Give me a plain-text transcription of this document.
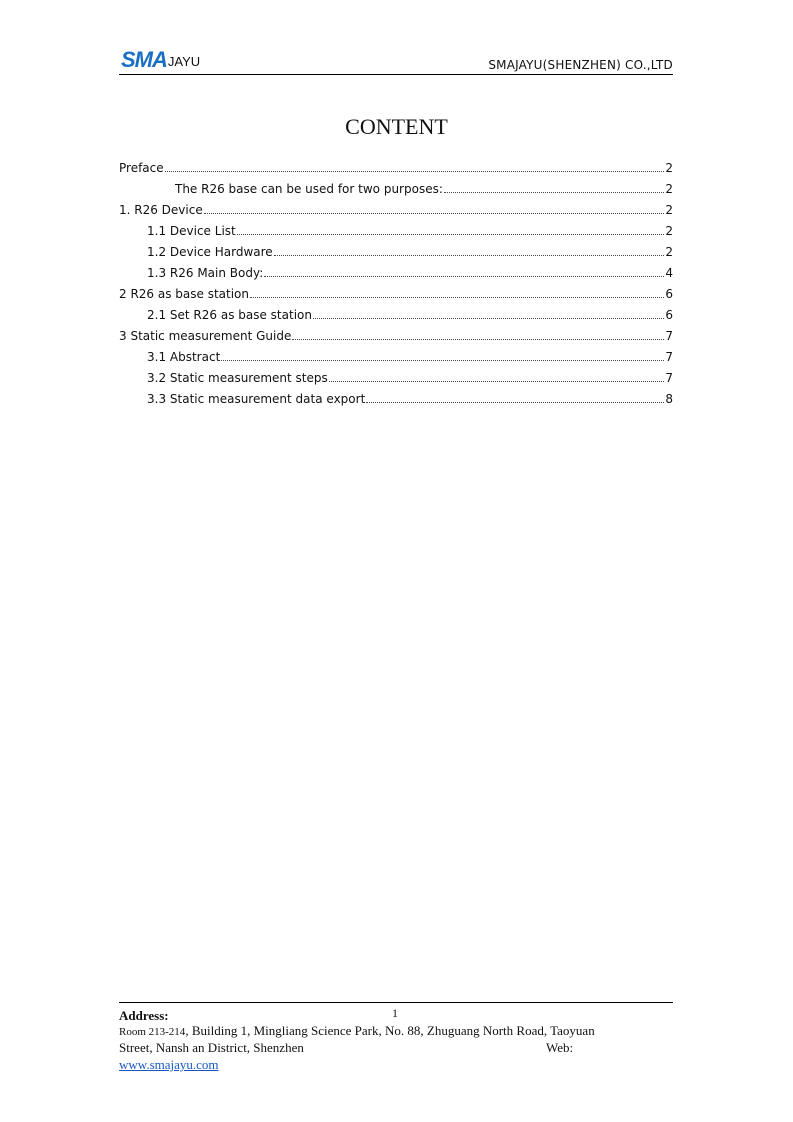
SMA JAYU	SMAJAYU(SHENZHEN) CO.,LTD
CONTENT
Preface	2
The R26 base can be used for two purposes:	2
1. R26 Device	2
1.1 Device List	2
1.2 Device Hardware	2
1.3 R26 Main Body:	4
2 R26 as base station	6
2.1 Set R26 as base station	6
3 Static measurement Guide	7
3.1 Abstract	7
3.2 Static measurement steps	7
3.3 Static measurement data export	8
Address:	1
Room 213-214, Building 1, Mingliang Science Park, No. 88, Zhuguang North Road, Taoyuan
Street, Nansh an District, Shenzhen	Web:
www.smajayu.com
